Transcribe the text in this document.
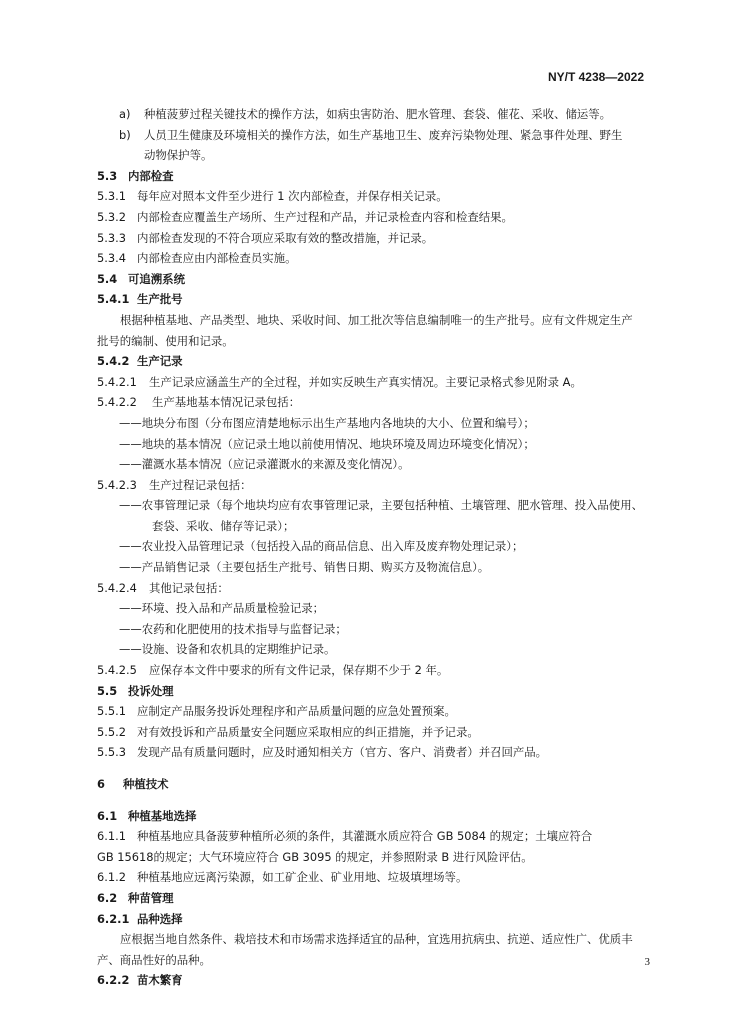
NY/T 4238—2022
a) 种植菠萝过程关键技术的操作方法，如病虫害防治、肥水管理、套袋、催花、采收、储运等。
b) 人员卫生健康及环境相关的操作方法，如生产基地卫生、废弃污染物处理、紧急事件处理、野生
动物保护等。
5.3 内部检查
5.3.1 每年应对照本文件至少进行 1 次内部检查，并保存相关记录。
5.3.2 内部检查应覆盖生产场所、生产过程和产品，并记录检查内容和检查结果。
5.3.3 内部检查发现的不符合项应采取有效的整改措施，并记录。
5.3.4 内部检查应由内部检查员实施。
5.4 可追溯系统
5.4.1 生产批号
根据种植基地、产品类型、地块、采收时间、加工批次等信息编制唯一的生产批号。应有文件规定生产
批号的编制、使用和记录。
5.4.2 生产记录
5.4.2.1 生产记录应涵盖生产的全过程，并如实反映生产真实情况。主要记录格式参见附录 A。
5.4.2.2 生产基地基本情况记录包括：
——地块分布图（分布图应清楚地标示出生产基地内各地块的大小、位置和编号）；
——地块的基本情况（应记录土地以前使用情况、地块环境及周边环境变化情况）；
——灌溉水基本情况（应记录灌溉水的来源及变化情况）。
5.4.2.3 生产过程记录包括：
——农事管理记录（每个地块均应有农事管理记录，主要包括种植、土壤管理、肥水管理、投入品使用、
套袋、采收、储存等记录）；
——农业投入品管理记录（包括投入品的商品信息、出入库及废弃物处理记录）；
——产品销售记录（主要包括生产批号、销售日期、购买方及物流信息）。
5.4.2.4 其他记录包括：
——环境、投入品和产品质量检验记录；
——农药和化肥使用的技术指导与监督记录；
——设施、设备和农机具的定期维护记录。
5.4.2.5 应保存本文件中要求的所有文件记录，保存期不少于 2 年。
5.5 投诉处理
5.5.1 应制定产品服务投诉处理程序和产品质量问题的应急处置预案。
5.5.2 对有效投诉和产品质量安全问题应采取相应的纠正措施，并予记录。
5.5.3 发现产品有质量问题时，应及时通知相关方（官方、客户、消费者）并召回产品。
6 种植技术
6.1 种植基地选择
6.1.1 种植基地应具备菠萝种植所必须的条件，其灌溉水质应符合 GB 5084 的规定；土壤应符合
GB 15618的规定；大气环境应符合 GB 3095 的规定，并参照附录 B 进行风险评估。
6.1.2 种植基地应远离污染源，如工矿企业、矿业用地、垃圾填埋场等。
6.2 种苗管理
6.2.1 品种选择
应根据当地自然条件、栽培技术和市场需求选择适宜的品种，宜选用抗病虫、抗逆、适应性广、优质丰
产、商品性好的品种。
6.2.2 苗木繁育
3
